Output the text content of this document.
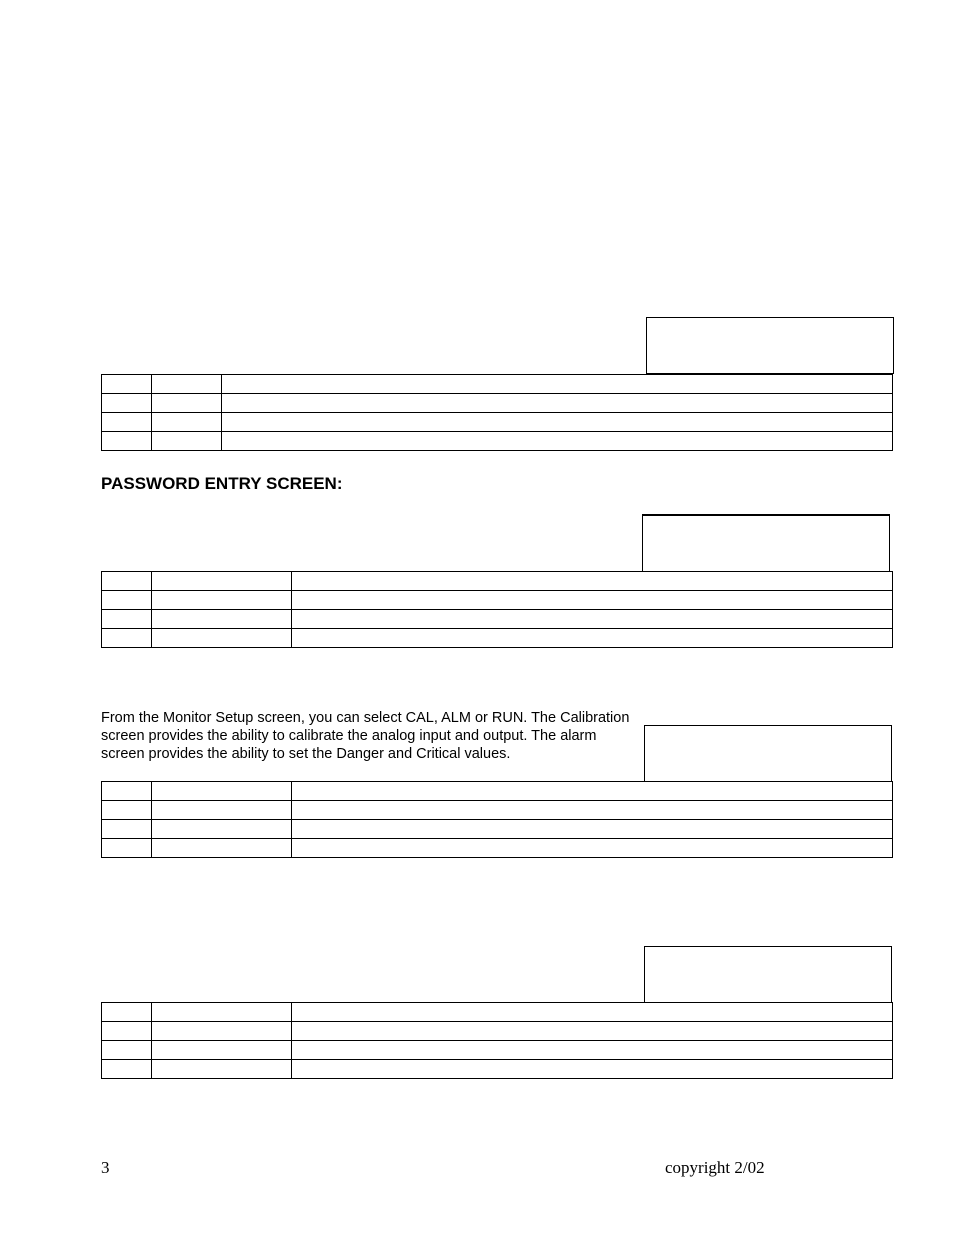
PASSWORD ENTRY SCREEN:

From the Monitor Setup screen, you can select CAL, ALM or RUN. The Calibration screen provides the ability to calibrate the analog input and output. The alarm screen provides the ability to set the Danger and Critical values.

3	copyright 2/02
